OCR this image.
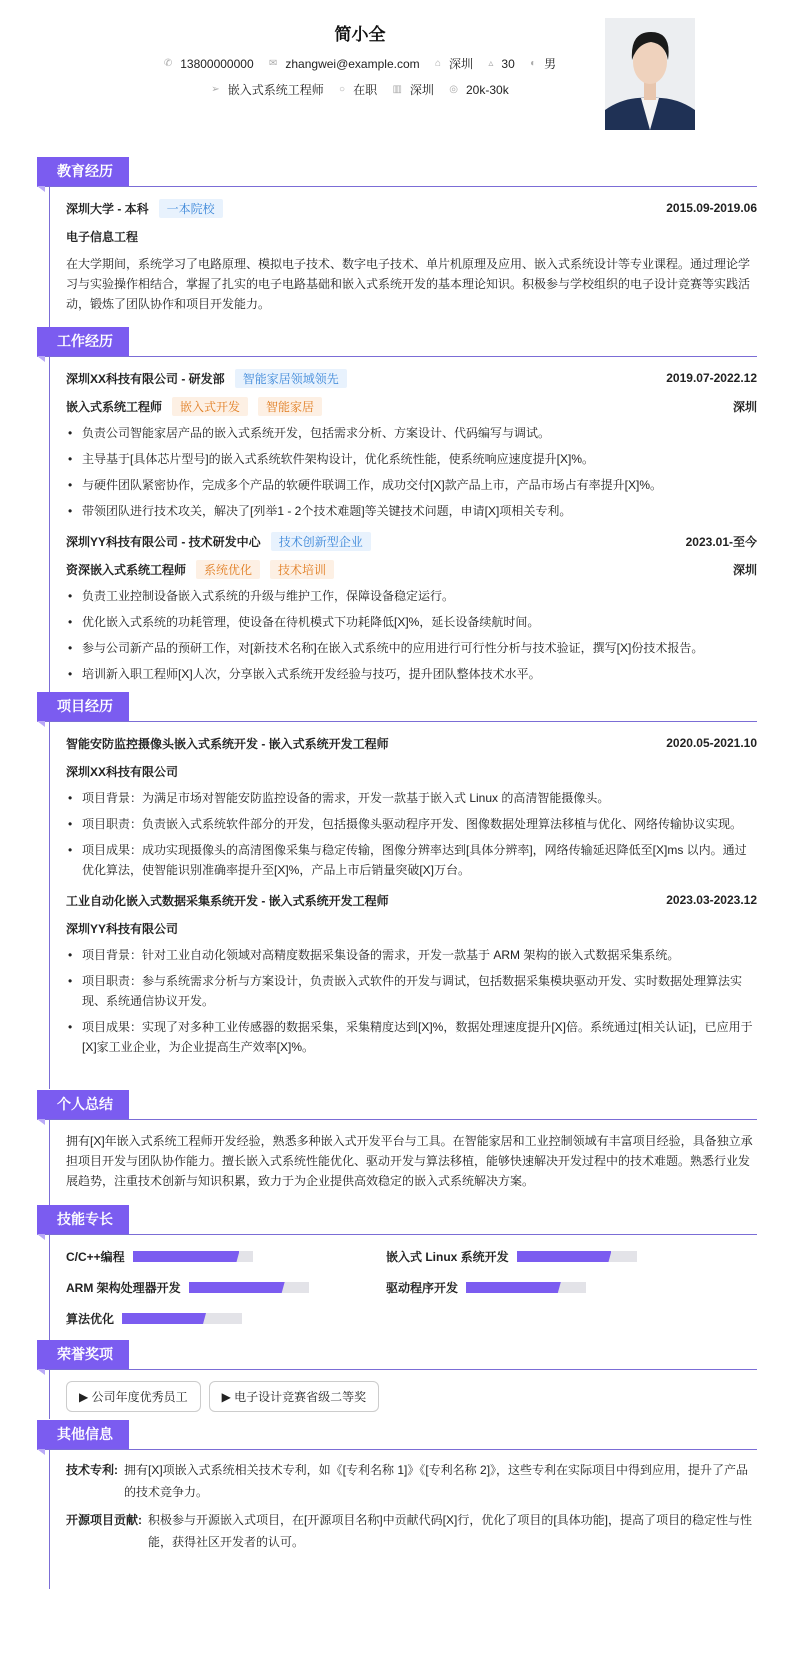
简小全
✆ 13800000000
✉ zhangwei@example.com
⌂ 深圳
▵ 30
◐ 男
➢ 嵌入式系统工程师
○ 在职
▥ 深圳
◎ 20k-30k
教育经历
深圳大学 - 本科	一本院校	2015.09-2019.06
电子信息工程
在大学期间，系统学习了电路原理、模拟电子技术、数字电子技术、单片机原理及应用、嵌入式系统设计等专业课程。通过理论学习与实验操作相结合，掌握了扎实的电子电路基础和嵌入式系统开发的基本理论知识。积极参与学校组织的电子设计竞赛等实践活动，锻炼了团队协作和项目开发能力。
工作经历
深圳XX科技有限公司 - 研发部	智能家居领域领先	2019.07-2022.12
嵌入式系统工程师	嵌入式开发	智能家居	深圳
• 负责公司智能家居产品的嵌入式系统开发，包括需求分析、方案设计、代码编写与调试。
• 主导基于[具体芯片型号]的嵌入式系统软件架构设计，优化系统性能，使系统响应速度提升[X]%。
• 与硬件团队紧密协作，完成多个产品的软硬件联调工作，成功交付[X]款产品上市，产品市场占有率提升[X]%。
• 带领团队进行技术攻关，解决了[列举1 - 2个技术难题]等关键技术问题，申请[X]项相关专利。
深圳YY科技有限公司 - 技术研发中心	技术创新型企业	2023.01-至今
资深嵌入式系统工程师	系统优化	技术培训	深圳
• 负责工业控制设备嵌入式系统的升级与维护工作，保障设备稳定运行。
• 优化嵌入式系统的功耗管理，使设备在待机模式下功耗降低[X]%，延长设备续航时间。
• 参与公司新产品的预研工作，对[新技术名称]在嵌入式系统中的应用进行可行性分析与技术验证，撰写[X]份技术报告。
• 培训新入职工程师[X]人次，分享嵌入式系统开发经验与技巧，提升团队整体技术水平。
项目经历
智能安防监控摄像头嵌入式系统开发 - 嵌入式系统开发工程师	2020.05-2021.10
深圳XX科技有限公司
• 项目背景：为满足市场对智能安防监控设备的需求，开发一款基于嵌入式 Linux 的高清智能摄像头。
• 项目职责：负责嵌入式系统软件部分的开发，包括摄像头驱动程序开发、图像数据处理算法移植与优化、网络传输协议实现。
• 项目成果：成功实现摄像头的高清图像采集与稳定传输，图像分辨率达到[具体分辨率]，网络传输延迟降低至[X]ms 以内。通过优化算法，使智能识别准确率提升至[X]%，产品上市后销量突破[X]万台。
工业自动化嵌入式数据采集系统开发 - 嵌入式系统开发工程师	2023.03-2023.12
深圳YY科技有限公司
• 项目背景：针对工业自动化领域对高精度数据采集设备的需求，开发一款基于 ARM 架构的嵌入式数据采集系统。
• 项目职责：参与系统需求分析与方案设计，负责嵌入式软件的开发与调试，包括数据采集模块驱动开发、实时数据处理算法实现、系统通信协议开发。
• 项目成果：实现了对多种工业传感器的数据采集，采集精度达到[X]%，数据处理速度提升[X]倍。系统通过[相关认证]，已应用于[X]家工业企业，为企业提高生产效率[X]%。
个人总结
拥有[X]年嵌入式系统工程师开发经验，熟悉多种嵌入式开发平台与工具。在智能家居和工业控制领域有丰富项目经验，具备独立承担项目开发与团队协作能力。擅长嵌入式系统性能优化、驱动开发与算法移植，能够快速解决开发过程中的技术难题。熟悉行业发展趋势，注重技术创新与知识积累，致力于为企业提供高效稳定的嵌入式系统解决方案。
技能专长
C/C++编程	嵌入式 Linux 系统开发
ARM 架构处理器开发	驱动程序开发
算法优化
荣誉奖项
▶ 公司年度优秀员工	▶ 电子设计竞赛省级二等奖
其他信息
技术专利: 拥有[X]项嵌入式系统相关技术专利，如《[专利名称 1]》《[专利名称 2]》，这些专利在实际项目中得到应用，提升了产品的技术竞争力。
开源项目贡献: 积极参与开源嵌入式项目，在[开源项目名称]中贡献代码[X]行，优化了项目的[具体功能]，提高了项目的稳定性与性能，获得社区开发者的认可。
